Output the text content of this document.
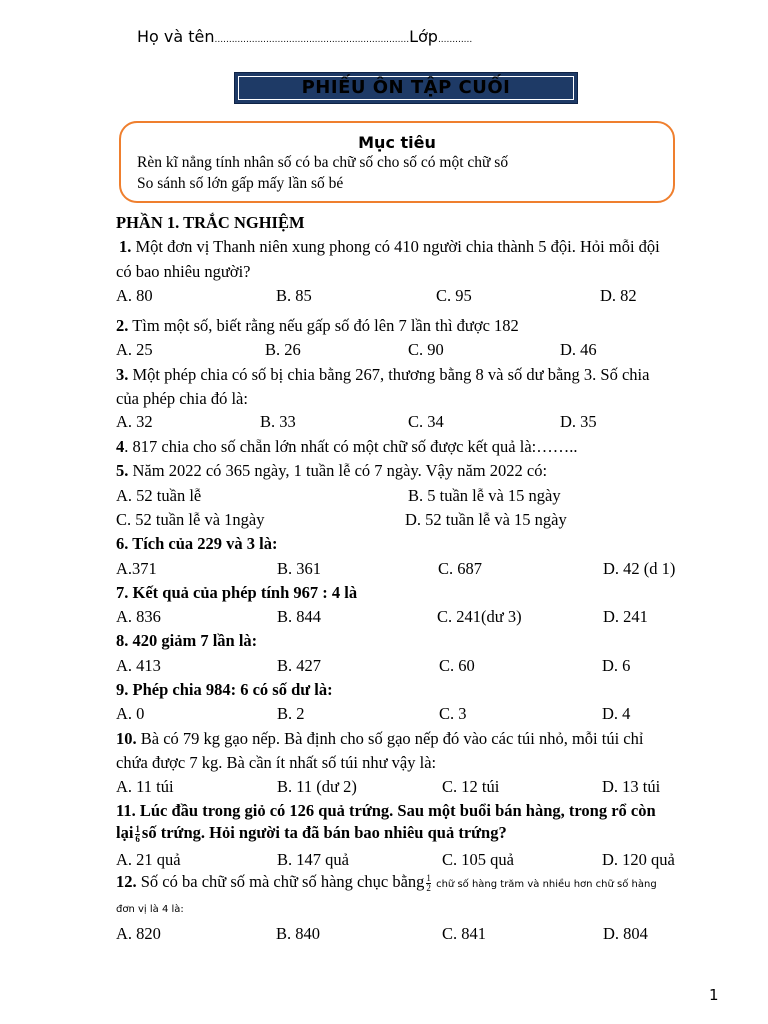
Họ và tên....................................................................Lớp............
PHIẾU ÔN TẬP CUỐI
Mục tiêu
Rèn kĩ nẳng tính nhân số có ba chữ số cho số có một chữ số
So sánh số lớn gấp mấy lần số bé
PHẦN 1. TRẮC NGHIỆM
1. Một đơn vị Thanh niên xung phong có 410 người chia thành 5 đội. Hỏi mỗi đội
có bao nhiêu người?
A. 80	B. 85	C. 95	D. 82
2. Tìm một số, biết rằng nếu gấp số đó lên 7 lần thì được 182
A. 25	B. 26	C. 90	D. 46
3. Một phép chia có số bị chia bằng 267, thương bằng 8 và số dư bằng 3. Số chia
của phép chia đó là:
A. 32	B. 33	C. 34	D. 35
4. 817 chia cho số chẵn lớn nhất có một chữ số được kết quả là:……..
5. Năm 2022 có 365 ngày, 1 tuần lễ có 7 ngày. Vậy năm 2022 có:
A. 52 tuần lễ	B. 5 tuần lễ và 15 ngày
C. 52 tuần lễ và 1ngày	D. 52 tuần lễ và 15 ngày
6. Tích của 229 và 3 là:
A.371	B. 361	C. 687	D. 42 (d 1)
7. Kết quả của phép tính 967 : 4 là
A. 836	B. 844	C. 241(dư 3)	D. 241
8. 420 giảm 7 lần là:
A. 413	B. 427	C. 60	D. 6
9. Phép chia 984: 6 có số dư là:
A. 0	B. 2	C. 3	D. 4
10. Bà có 79 kg gạo nếp. Bà định cho số gạo nếp đó vào các túi nhỏ, mỗi túi chỉ
chứa được 7 kg. Bà cần ít nhất số túi như vậy là:
A. 11 túi	B. 11 (dư 2)	C. 12 túi	D. 13 túi
11. Lúc đầu trong giỏ có 126 quả trứng. Sau một buổi bán hàng, trong rổ còn
lại $\frac{1}{6}$ số trứng. Hỏi người ta đã bán bao nhiêu quả trứng?
A. 21 quả	B. 147 quả	C. 105 quả	D. 120 quả
12. Số có ba chữ số mà chữ số hàng chục bằng $\frac{1}{2}$ chữ số hàng trăm và nhiều hơn chữ số hàng
đơn vị là 4 là:
A. 820	B. 840	C. 841	D. 804
1
